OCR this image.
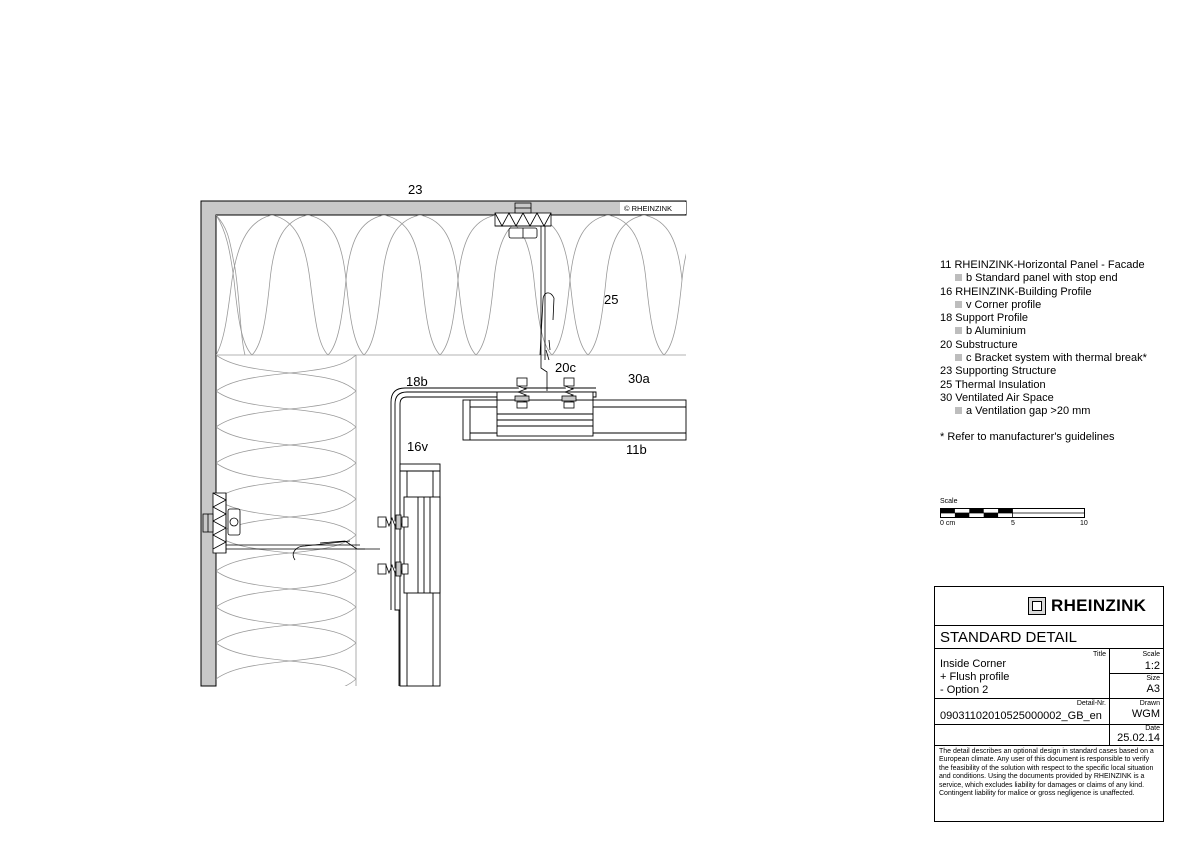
© RHEINZINK
23
25
20c
18b	30a
16v	11b
11 RHEINZINK-Horizontal Panel - Facade
b Standard panel with stop end
16 RHEINZINK-Building Profile
v Corner profile
18 Support Profile
b Aluminium
20 Substructure
c Bracket system with thermal break*
23 Supporting Structure
25 Thermal Insulation
30 Ventilated Air Space
a Ventilation gap >20 mm
* Refer to manufacturer's guidelines
Scale
0 cm	5	10
RHEINZINK
STANDARD DETAIL
Title
Inside Corner
+ Flush profile
- Option 2
Scale
1:2
Size
A3
Detail-Nr.
09031102010525000002_GB_en
Drawn
WGM
Date
25.02.14
The detail describes an optional design in standard cases based on a European climate. Any user of this document is responsible to verify the feasibility of the solution with respect to the specific local situation and conditions. Using the documents provided by RHEINZINK is a service, which excludes liability for damages or claims of any kind. Contingent liability for malice or gross negligence is unaffected.
